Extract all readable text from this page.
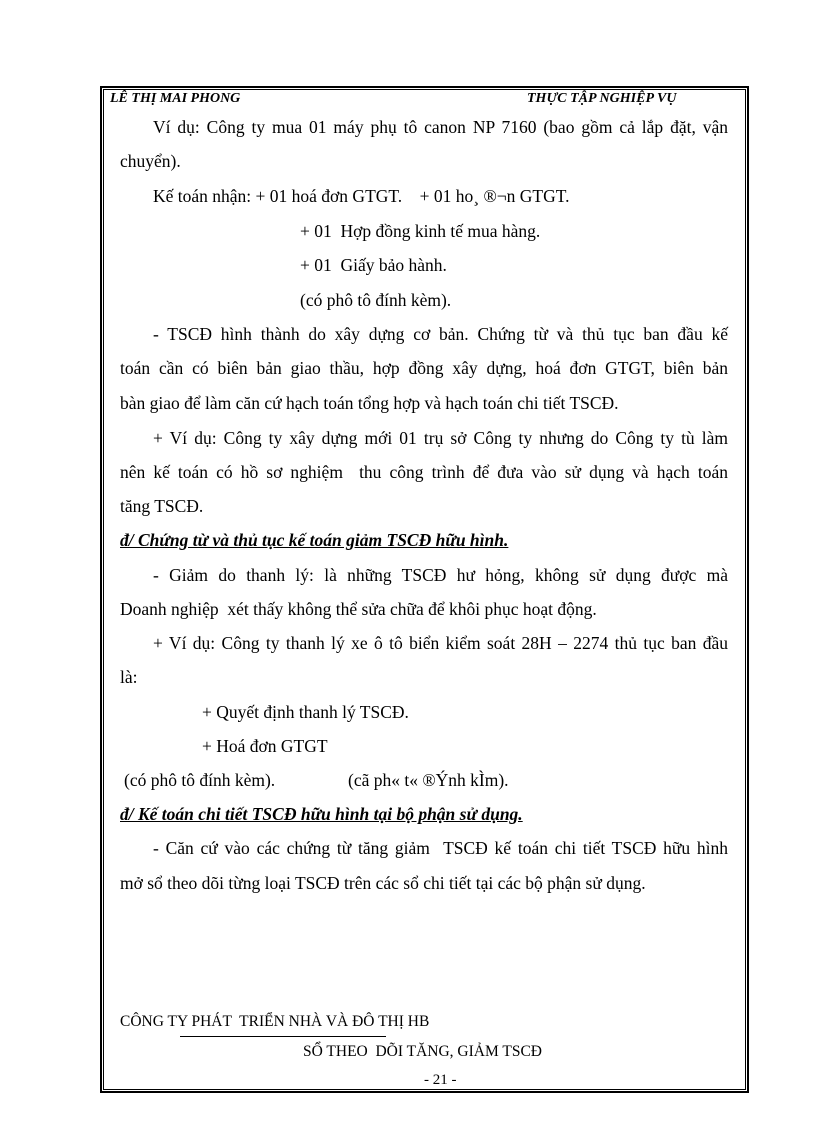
LÊ THỊ MAI PHONG	THỰC TẬP NGHIỆP VỤ
Ví dụ: Công ty mua 01 máy phụ tô canon NP 7160 (bao gồm cả lắp đặt, vận
chuyển).
Kế toán nhận: + 01 hoá đơn GTGT.    + 01 ho¸ ®¬n GTGT.
+ 01  Hợp đồng kinh tế mua hàng.
+ 01  Giấy bảo hành.
(có phô tô đính kèm).
- TSCĐ hình thành do xây dựng cơ bản. Chứng từ và thủ tục ban đầu kế
toán cần có biên bản giao thầu, hợp đồng xây dựng, hoá đơn GTGT, biên bản
bàn giao để làm căn cứ hạch toán tổng hợp và hạch toán chi tiết TSCĐ.
+ Ví dụ: Công ty xây dựng mới 01 trụ sở Công ty nhưng do Công ty tù làm
nên kế toán có hồ sơ nghiệm  thu công trình để đưa vào sử dụng và hạch toán
tăng TSCĐ.
đ/ Chứng từ và thủ tục kế toán giảm TSCĐ hữu hình.
- Giảm do thanh lý: là những TSCĐ hư hỏng, không sử dụng được mà
Doanh nghiệp  xét thấy không thể sửa chữa để khôi phục hoạt động.
+ Ví dụ: Công ty thanh lý xe ô tô biển kiểm soát 28H – 2274 thủ tục ban đầu
là:
+ Quyết định thanh lý TSCĐ.
+ Hoá đơn GTGT
(có phô tô đính kèm).	(cã ph« t« ®Ýnh kÌm).
đ/ Kế toán chi tiết TSCĐ hữu hình tại bộ phận sử dụng.
- Căn cứ vào các chứng từ tăng giảm  TSCĐ kế toán chi tiết TSCĐ hữu hình
mở sổ theo dõi từng loại TSCĐ trên các sổ chi tiết tại các bộ phận sử dụng.
CÔNG TY PHÁT  TRIỂN NHÀ VÀ ĐÔ THỊ HB
SỔ THEO  DÕI TĂNG, GIẢM TSCĐ
- 21 -
